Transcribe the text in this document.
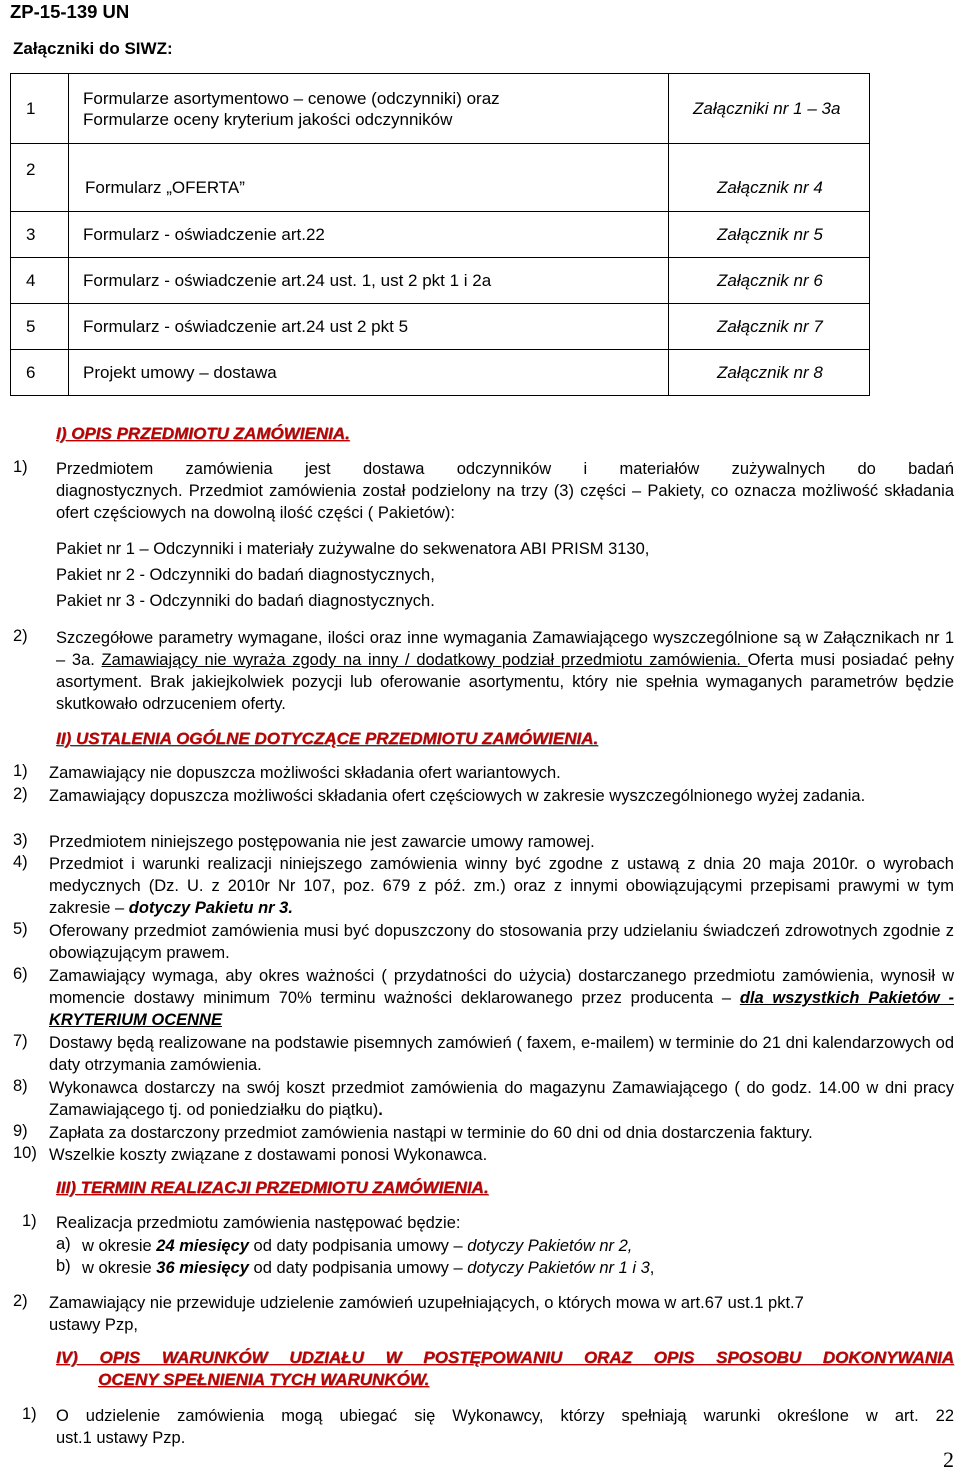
ZP-15-139 UN
Załączniki do SIWZ:
1	Formularze asortymentowo – cenowe (odczynniki) oraz
Formularze oceny kryterium jakości odczynników	Załączniki nr 1 – 3a
2	Formularz „OFERTA”	Załącznik nr 4
3	Formularz - oświadczenie art.22	Załącznik nr 5
4	Formularz - oświadczenie art.24 ust. 1, ust 2 pkt 1 i 2a	Załącznik nr 6
5	Formularz - oświadczenie art.24 ust 2 pkt 5	Załącznik nr 7
6	Projekt umowy – dostawa	Załącznik nr 8
I) OPIS PRZEDMIOTU ZAMÓWIENIA.
1) Przedmiotem zamówienia jest dostawa odczynników i materiałów zużywalnych do badań
diagnostycznych. Przedmiot zamówienia został podzielony na trzy (3) części – Pakiety, co oznacza możliwość składania ofert częściowych na dowolną ilość części ( Pakietów):
Pakiet nr 1 – Odczynniki i materiały zużywalne do sekwenatora ABI PRISM 3130,
Pakiet nr 2 - Odczynniki do badań diagnostycznych,
Pakiet nr 3 - Odczynniki do badań diagnostycznych.
2) Szczegółowe parametry wymagane, ilości oraz inne wymagania Zamawiającego wyszczególnione są w Załącznikach nr 1 – 3a. Zamawiający nie wyraża zgody na inny / dodatkowy podział przedmiotu zamówienia. Oferta musi posiadać pełny asortyment. Brak jakiejkolwiek pozycji lub oferowanie asortymentu, który nie spełnia wymaganych parametrów będzie skutkowało odrzuceniem oferty.
II) USTALENIA OGÓLNE DOTYCZĄCE PRZEDMIOTU ZAMÓWIENIA.
1) Zamawiający nie dopuszcza możliwości składania ofert wariantowych.
2) Zamawiający dopuszcza możliwości składania ofert częściowych w zakresie wyszczególnionego wyżej zadania.
3) Przedmiotem niniejszego postępowania nie jest zawarcie umowy ramowej.
4) Przedmiot i warunki realizacji niniejszego zamówienia winny być zgodne z ustawą z dnia 20 maja 2010r. o wyrobach medycznych (Dz. U. z 2010r Nr 107, poz. 679 z póź. zm.) oraz z innymi obowiązującymi przepisami prawymi w tym zakresie – dotyczy Pakietu nr 3.
5) Oferowany przedmiot zamówienia musi być dopuszczony do stosowania przy udzielaniu świadczeń zdrowotnych zgodnie z obowiązującym prawem.
6) Zamawiający wymaga, aby okres ważności ( przydatności do użycia) dostarczanego przedmiotu zamówienia, wynosił w momencie dostawy minimum 70% terminu ważności deklarowanego przez producenta – dla wszystkich Pakietów - KRYTERIUM OCENNE
7) Dostawy będą realizowane na podstawie pisemnych zamówień ( faxem, e-mailem) w terminie do 21 dni kalendarzowych od daty otrzymania zamówienia.
8) Wykonawca dostarczy na swój koszt przedmiot zamówienia do magazynu Zamawiającego ( do godz. 14.00 w dni pracy Zamawiającego tj. od poniedziałku do piątku).
9) Zapłata za dostarczony przedmiot zamówienia nastąpi w terminie do 60 dni od dnia dostarczenia faktury.
10) Wszelkie koszty związane z dostawami ponosi Wykonawca.
III) TERMIN REALIZACJI PRZEDMIOTU ZAMÓWIENIA.
1) Realizacja przedmiotu zamówienia następować będzie:
a) w okresie 24 miesięcy od daty podpisania umowy – dotyczy Pakietów nr 2,
b) w okresie 36 miesięcy od daty podpisania umowy – dotyczy Pakietów nr 1 i 3,
2) Zamawiający nie przewiduje udzielenie zamówień uzupełniających, o których mowa w art.67 ust.1 pkt.7
ustawy Pzp,
IV) OPIS WARUNKÓW UDZIAŁU W POSTĘPOWANIU ORAZ OPIS SPOSOBU DOKONYWANIA
OCENY SPEŁNIENIA TYCH WARUNKÓW.
1) O udzielenie zamówienia mogą ubiegać się Wykonawcy, którzy spełniają warunki określone w art. 22
ust.1 ustawy Pzp.
2
